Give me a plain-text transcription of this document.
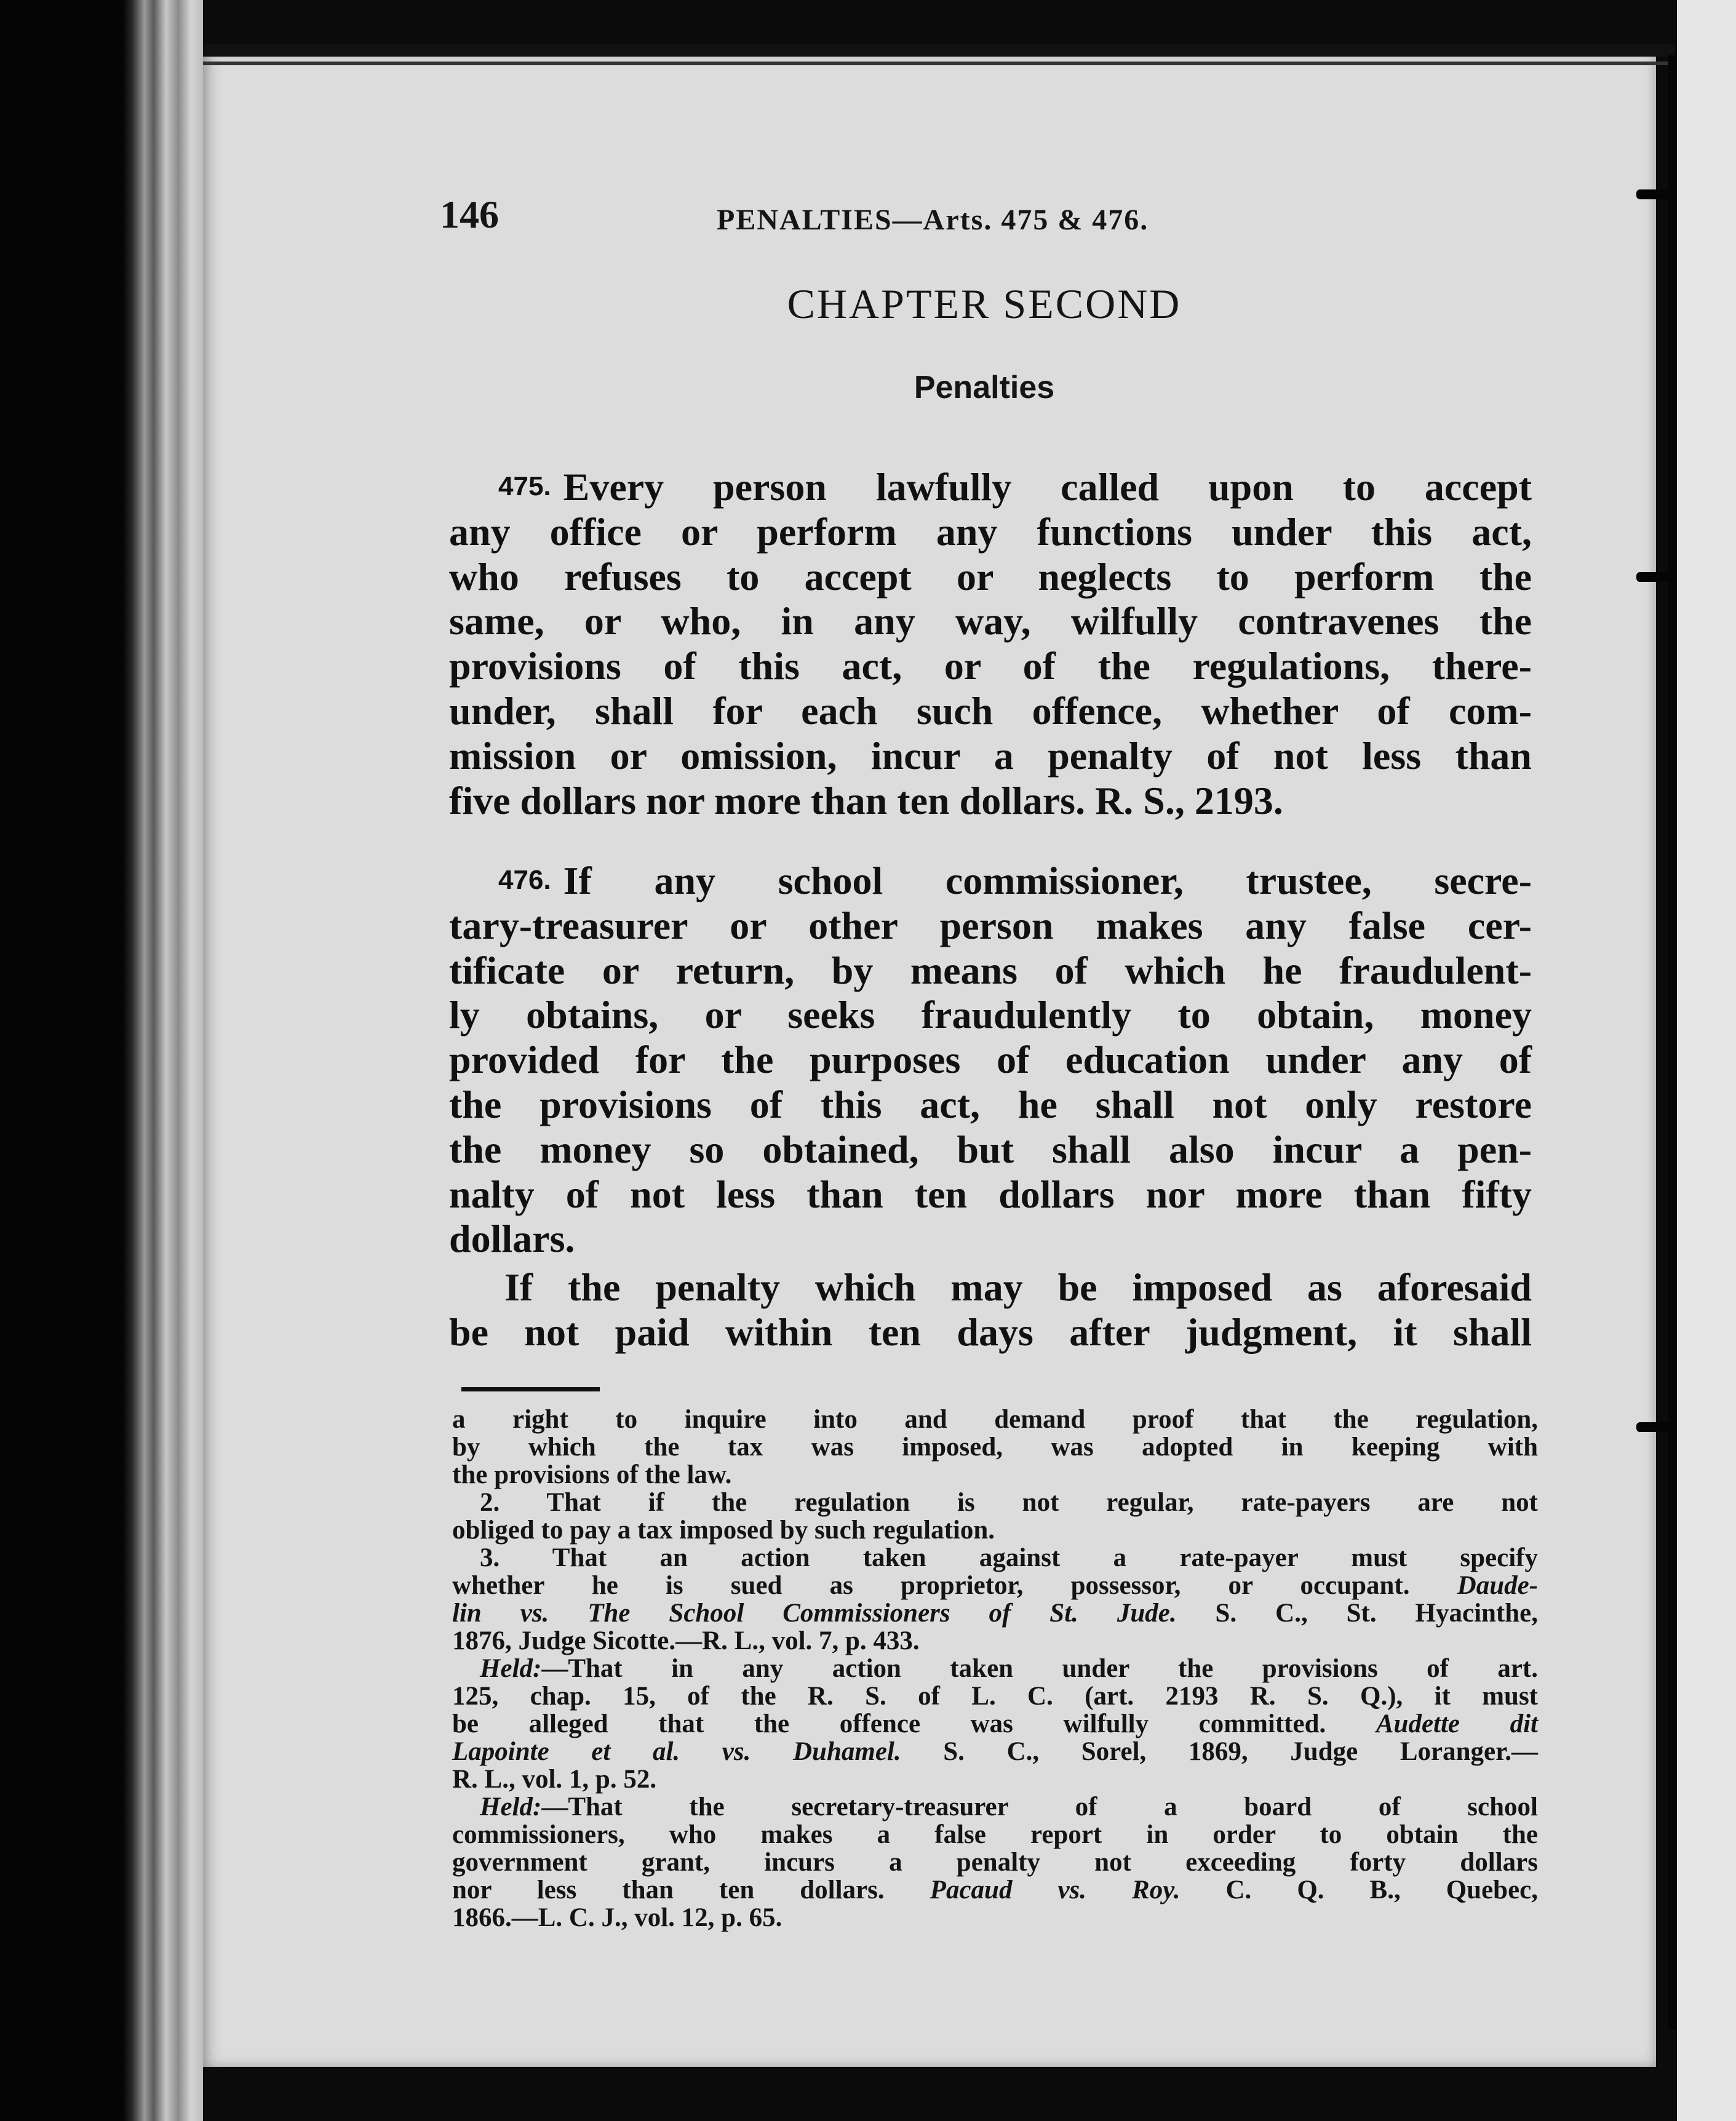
146	PENALTIES—Arts. 475 & 476.
CHAPTER SECOND
Penalties
475. Every person lawfully called upon to accept
any office or perform any functions under this act,
who refuses to accept or neglects to perform the
same, or who, in any way, wilfully contravenes the
provisions of this act, or of the regulations, there-
under, shall for each such offence, whether of com-
mission or omission, incur a penalty of not less than
five dollars nor more than ten dollars. R. S., 2193.
476. If any school commissioner, trustee, secre-
tary-treasurer or other person makes any false cer-
tificate or return, by means of which he fraudulent-
ly obtains, or seeks fraudulently to obtain, money
provided for the purposes of education under any of
the provisions of this act, he shall not only restore
the money so obtained, but shall also incur a pen-
nalty of not less than ten dollars nor more than fifty
dollars.
If the penalty which may be imposed as aforesaid
be not paid within ten days after judgment, it shall
a right to inquire into and demand proof that the regulation,
by which the tax was imposed, was adopted in keeping with
the provisions of the law.
2. That if the regulation is not regular, rate-payers are not
obliged to pay a tax imposed by such regulation.
3. That an action taken against a rate-payer must specify
whether he is sued as proprietor, possessor, or occupant. Daude-
lin vs. The School Commissioners of St. Jude. S. C., St. Hyacinthe,
1876, Judge Sicotte.—R. L., vol. 7, p. 433.
Held:—That in any action taken under the provisions of art.
125, chap. 15, of the R. S. of L. C. (art. 2193 R. S. Q.), it must
be alleged that the offence was wilfully committed. Audette dit
Lapointe et al. vs. Duhamel. S. C., Sorel, 1869, Judge Loranger.—
R. L., vol. 1, p. 52.
Held:—That the secretary-treasurer of a board of school
commissioners, who makes a false report in order to obtain the
government grant, incurs a penalty not exceeding forty dollars
nor less than ten dollars. Pacaud vs. Roy. C. Q. B., Quebec,
1866.—L. C. J., vol. 12, p. 65.
